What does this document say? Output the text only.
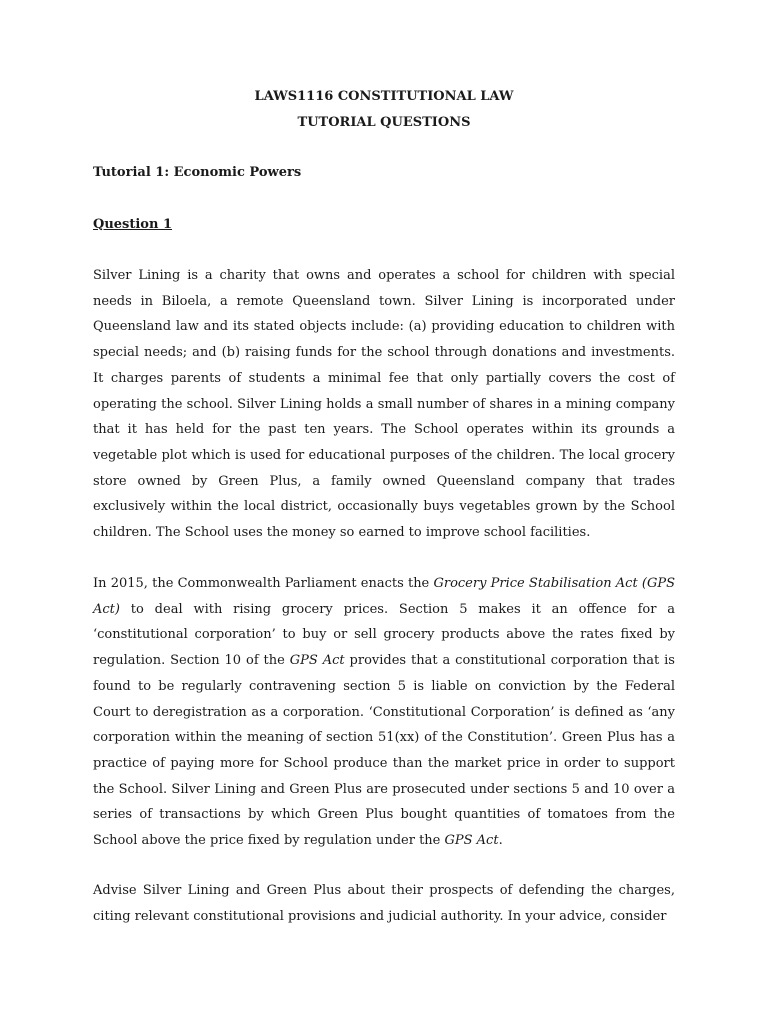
LAWS1116 CONSTITUTIONAL LAW
TUTORIAL QUESTIONS
Tutorial 1: Economic Powers
Question 1
Silver Lining is a charity that owns and operates a school for children with special needs in Biloela, a remote Queensland town. Silver Lining is incorporated under Queensland law and its stated objects include: (a) providing education to children with special needs; and (b) raising funds for the school through donations and investments. It charges parents of students a minimal fee that only partially covers the cost of operating the school. Silver Lining holds a small number of shares in a mining company that it has held for the past ten years. The School operates within its grounds a vegetable plot which is used for educational purposes of the children. The local grocery store owned by Green Plus, a family owned Queensland company that trades exclusively within the local district, occasionally buys vegetables grown by the School children. The School uses the money so earned to improve school facilities.
In 2015, the Commonwealth Parliament enacts the Grocery Price Stabilisation Act (GPS Act) to deal with rising grocery prices. Section 5 makes it an offence for a ‘constitutional corporation’ to buy or sell grocery products above the rates fixed by regulation. Section 10 of the GPS Act provides that a constitutional corporation that is found to be regularly contravening section 5 is liable on conviction by the Federal Court to deregistration as a corporation. ‘Constitutional Corporation’ is defined as ‘any corporation within the meaning of section 51(xx) of the Constitution’. Green Plus has a practice of paying more for School produce than the market price in order to support the School. Silver Lining and Green Plus are prosecuted under sections 5 and 10 over a series of transactions by which Green Plus bought quantities of tomatoes from the School above the price fixed by regulation under the GPS Act.
Advise Silver Lining and Green Plus about their prospects of defending the charges, citing relevant constitutional provisions and judicial authority. In your advice, consider
